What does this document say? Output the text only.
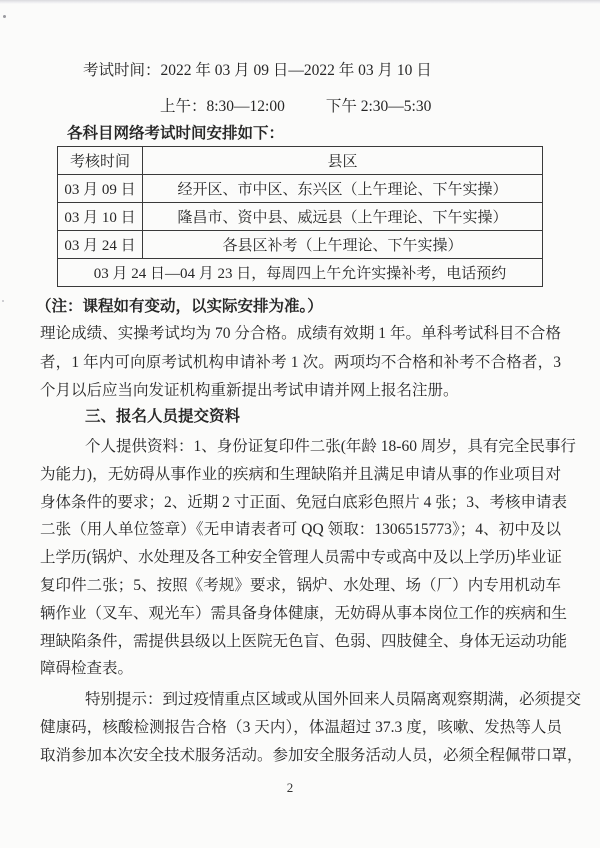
考试时间：2022 年 03 月 09 日—2022 年 03 月 10 日
上午：8:30—12:00	下午 2:30—5:30
各科目网络考试时间安排如下：
考核时间	县区
03 月 09 日	经开区、市中区、东兴区（上午理论、下午实操）
03 月 10 日	隆昌市、资中县、威远县（上午理论、下午实操）
03 月 24 日	各县区补考（上午理论、下午实操）
03 月 24 日—04 月 23 日，每周四上午允许实操补考，电话预约	
（注：课程如有变动，以实际安排为准。）
理论成绩、实操考试均为 70 分合格。成绩有效期 1 年。单科考试科目不合格
者，1 年内可向原考试机构申请补考 1 次。两项均不合格和补考不合格者，3
个月以后应当向发证机构重新提出考试申请并网上报名注册。
三、报名人员提交资料
个人提供资料：1、身份证复印件二张(年龄 18-60 周岁，具有完全民事行
为能力)，无妨碍从事作业的疾病和生理缺陷并且满足申请从事的作业项目对
身体条件的要求；2、近期 2 寸正面、免冠白底彩色照片 4 张；3、考核申请表
二张（用人单位签章）《无申请表者可 QQ 领取：1306515773》；4、初中及以
上学历(锅炉、水处理及各工种安全管理人员需中专或高中及以上学历)毕业证
复印件二张；5、按照《考规》要求，锅炉、水处理、场（厂）内专用机动车
辆作业（叉车、观光车）需具备身体健康，无妨碍从事本岗位工作的疾病和生
理缺陷条件，需提供县级以上医院无色盲、色弱、四肢健全、身体无运动功能
障碍检查表。
特别提示：到过疫情重点区域或从国外回来人员隔离观察期满，必须提交
健康码，核酸检测报告合格（3 天内），体温超过 37.3 度，咳嗽、发热等人员
取消参加本次安全技术服务活动。参加安全服务活动人员，必须全程佩带口罩，
2
